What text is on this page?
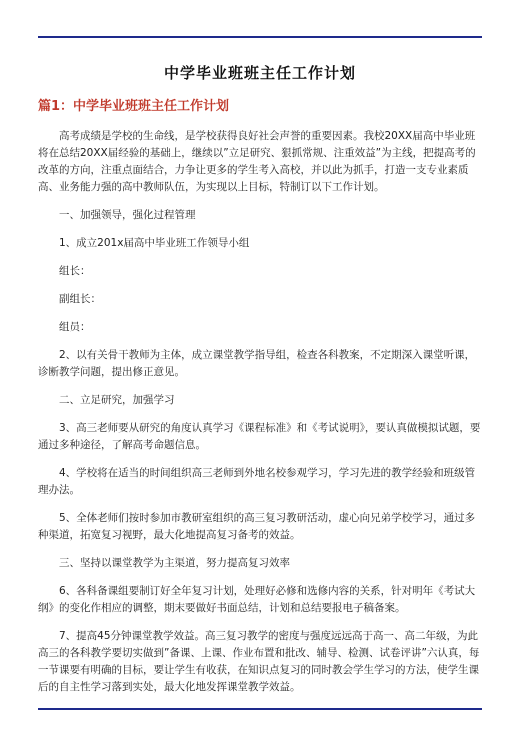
中学毕业班班主任工作计划
篇1：中学毕业班班主任工作计划

高考成绩是学校的生命线，是学校获得良好社会声誉的重要因素。我校20XX届高中毕业班将在总结20XX届经验的基础上，继续以”立足研究、狠抓常规、注重效益”为主线，把提高考的改革的方向，注重点面结合，力争让更多的学生考入高校，并以此为抓手，打造一支专业素质高、业务能力强的高中教师队伍，为实现以上目标，特制订以下工作计划。

一、加强领导，强化过程管理

1、成立201x届高中毕业班工作领导小组

组长：

副组长：

组员：

2、以有关骨干教师为主体，成立课堂教学指导组，检查各科教案，不定期深入课堂听课，诊断教学问题，提出修正意见。

二、立足研究，加强学习

3、高三老师要从研究的角度认真学习《课程标准》和《考试说明》，要认真做模拟试题，要通过多种途径，了解高考命题信息。

4、学校将在适当的时间组织高三老师到外地名校参观学习，学习先进的教学经验和班级管理办法。

5、全体老师们按时参加市教研室组织的高三复习教研活动，虚心向兄弟学校学习，通过多种渠道，拓宽复习视野，最大化地提高复习备考的效益。

三、坚持以课堂教学为主渠道，努力提高复习效率

6、各科备课组要制订好全年复习计划，处理好必修和选修内容的关系，针对明年《考试大纲》的变化作相应的调整，期末要做好书面总结，计划和总结要报电子稿备案。

7、提高45分钟课堂教学效益。高三复习教学的密度与强度远远高于高一、高二年级，为此高三的各科教学要切实做到”备课、上课、作业布置和批改、辅导、检测、试卷评讲”六认真，每一节课要有明确的目标，要让学生有收获，在知识点复习的同时教会学生学习的方法，使学生课后的自主性学习落到实处，最大化地发挥课堂教学效益。
